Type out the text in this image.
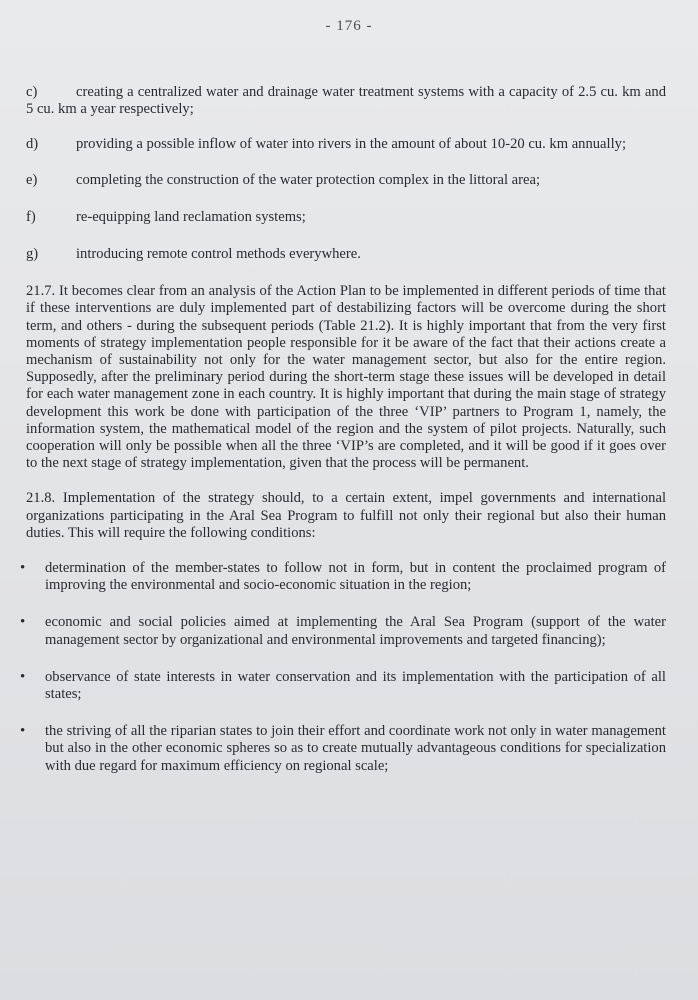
- 176 -
c)	creating a centralized water and drainage water treatment systems with a capacity of 2.5 cu. km and 5 cu. km a year respectively;
d)	providing a possible inflow of water into rivers in the amount of about 10-20 cu. km annually;
e)	completing the construction of the water protection complex in the littoral area;
f)	re-equipping land reclamation systems;
g)	introducing remote control methods everywhere.

21.7. It becomes clear from an analysis of the Action Plan to be implemented in different periods of time that if these interventions are duly implemented part of destabilizing factors will be overcome during the short term, and others - during the subsequent periods (Table 21.2). It is highly important that from the very first moments of strategy implementation people responsible for it be aware of the fact that their actions create a mechanism of sustainability not only for the water management sector, but also for the entire region. Supposedly, after the preliminary period during the short-term stage these issues will be developed in detail for each water management zone in each country. It is highly important that during the main stage of strategy development this work be done with participation of the three ‘VIP’ partners to Program 1, namely, the information system, the mathematical model of the region and the system of pilot projects. Naturally, such cooperation will only be possible when all the three ‘VIP’s are completed, and it will be good if it goes over to the next stage of strategy implementation, given that the process will be permanent.

21.8. Implementation of the strategy should, to a certain extent, impel governments and international organizations participating in the Aral Sea Program to fulfill not only their regional but also their human duties. This will require the following conditions:

• determination of the member-states to follow not in form, but in content the proclaimed program of improving the environmental and socio-economic situation in the region;
• economic and social policies aimed at implementing the Aral Sea Program (support of the water management sector by organizational and environmental improvements and targeted financing);
• observance of state interests in water conservation and its implementation with the participation of all states;
• the striving of all the riparian states to join their effort and coordinate work not only in water management but also in the other economic spheres so as to create mutually advantageous conditions for specialization with due regard for maximum efficiency on regional scale;
